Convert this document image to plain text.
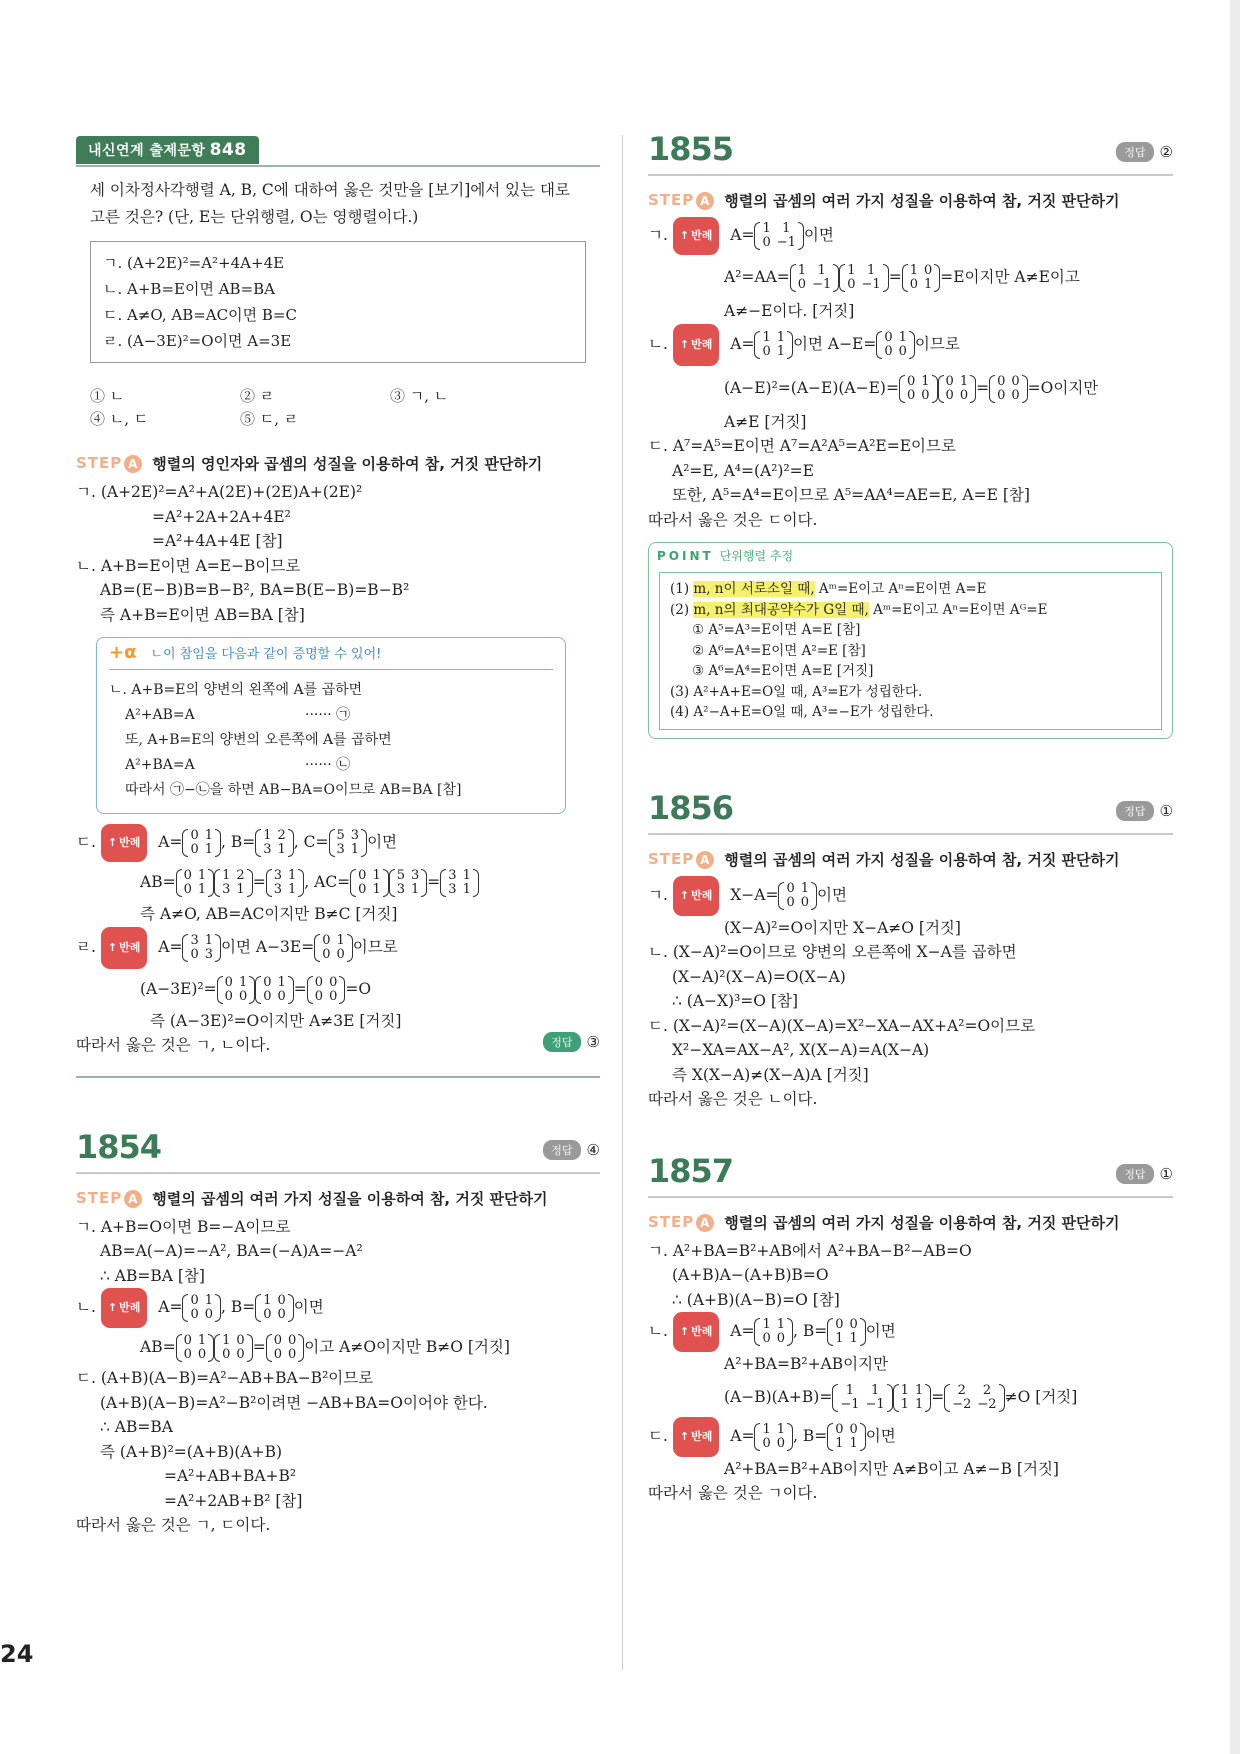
24
내신연계 출제문항 848
세 이차정사각행렬 A, B, C에 대하여 옳은 것만을 [보기]에서 있는 대로
고른 것은? (단, E는 단위행렬, O는 영행렬이다.)
ㄱ. (A+2E)²=A²+4A+4E
ㄴ. A+B=E이면 AB=BA
ㄷ. A≠O, AB=AC이면 B=C
ㄹ. (A−3E)²=O이면 A=3E
① ㄴ	② ㄹ	③ ㄱ, ㄴ
④ ㄴ, ㄷ	⑤ ㄷ, ㄹ
STEP A 행렬의 영인자와 곱셈의 성질을 이용하여 참, 거짓 판단하기
ㄱ. (A+2E)²=A²+A(2E)+(2E)A+(2E)²
=A²+2A+2A+4E²
=A²+4A+4E [참]
ㄴ. A+B=E이면 A=E−B이므로
AB=(E−B)B=B−B², BA=B(E−B)=B−B²
즉 A+B=E이면 AB=BA [참]
+α ㄴ이 참임을 다음과 같이 증명할 수 있어!
ㄴ. A+B=E의 양변의 왼쪽에 A를 곱하면
A²+AB=A	······ ㉠
또, A+B=E의 양변의 오른쪽에 A를 곱하면
A²+BA=A	······ ㉡
따라서 ㉠−㉡을 하면 AB−BA=O이므로 AB=BA [참]
ㄷ. ↑ 반례 A= 0	1
0	1 , B= 1	2
3	1 , C= 5	3
3	1 이면
AB= 0	1
0	1
1	2
3	1 = 3	1
3	1 , AC= 0	1
0	1
5	3
3	1 = 3	1
3	1
즉 A≠O, AB=AC이지만 B≠C [거짓]
ㄹ. ↑ 반례 A= 3	1
0	3 이면 A−3E= 0	1
0	0 이므로
(A−3E)²= 0	1
0	0
0	1
0	0 = 0	0
0	0 =O
즉 (A−3E)²=O이지만 A≠3E [거짓]
따라서 옳은 것은 ㄱ, ㄴ이다.	정답 ③
1854	정답 ④
STEP A 행렬의 곱셈의 여러 가지 성질을 이용하여 참, 거짓 판단하기
ㄱ. A+B=O이면 B=−A이므로
AB=A(−A)=−A², BA=(−A)A=−A²
∴ AB=BA [참]
ㄴ. ↑ 반례 A= 0	1
0	0 , B= 1	0
0	0 이면
AB= 0	1
0	0
1	0
0	0 = 0	0
0	0 이고 A≠O이지만 B≠O [거짓]
ㄷ. (A+B)(A−B)=A²−AB+BA−B²이므로
(A+B)(A−B)=A²−B²이려면 −AB+BA=O이어야 한다.
∴ AB=BA
즉 (A+B)²=(A+B)(A+B)
=A²+AB+BA+B²
=A²+2AB+B² [참]
따라서 옳은 것은 ㄱ, ㄷ이다.
1855	정답 ②
STEP A 행렬의 곱셈의 여러 가지 성질을 이용하여 참, 거짓 판단하기
ㄱ. ↑ 반례 A= 1	1
0	−1 이면
A²=AA= 1	1
0	−1
1	1
0	−1 = 1	0
0	1 =E이지만 A≠E이고
A≠−E이다. [거짓]
ㄴ. ↑ 반례 A= 1	1
0	1 이면 A−E= 0	1
0	0 이므로
(A−E)²=(A−E)(A−E)= 0	1
0	0
0	1
0	0 = 0	0
0	0 =O이지만
A≠E [거짓]
ㄷ. A⁷=A⁵=E이면 A⁷=A²A⁵=A²E=E이므로
A²=E, A⁴=(A²)²=E
또한, A⁵=A⁴=E이므로 A⁵=AA⁴=AE=E, A=E [참]
따라서 옳은 것은 ㄷ이다.
POINT 단위행렬 추정
(1) m, n이 서로소일 때, Aᵐ=E이고 Aⁿ=E이면 A=E
(2) m, n의 최대공약수가 G일 때, Aᵐ=E이고 Aⁿ=E이면 Aᴳ=E
① A⁵=A³=E이면 A=E [참]
② A⁶=A⁴=E이면 A²=E [참]
③ A⁶=A⁴=E이면 A=E [거짓]
(3) A²+A+E=O일 때, A³=E가 성립한다.
(4) A²−A+E=O일 때, A³=−E가 성립한다.
1856	정답 ①
STEP A 행렬의 곱셈의 여러 가지 성질을 이용하여 참, 거짓 판단하기
ㄱ. ↑ 반례 X−A= 0	1
0	0 이면
(X−A)²=O이지만 X−A≠O [거짓]
ㄴ. (X−A)²=O이므로 양변의 오른쪽에 X−A를 곱하면
(X−A)²(X−A)=O(X−A)
∴ (A−X)³=O [참]
ㄷ. (X−A)²=(X−A)(X−A)=X²−XA−AX+A²=O이므로
X²−XA=AX−A², X(X−A)=A(X−A)
즉 X(X−A)≠(X−A)A [거짓]
따라서 옳은 것은 ㄴ이다.
1857	정답 ①
STEP A 행렬의 곱셈의 여러 가지 성질을 이용하여 참, 거짓 판단하기
ㄱ. A²+BA=B²+AB에서 A²+BA−B²−AB=O
(A+B)A−(A+B)B=O
∴ (A+B)(A−B)=O [참]
ㄴ. ↑ 반례 A= 1	1
0	0 , B= 0	0
1	1 이면
A²+BA=B²+AB이지만
(A−B)(A+B)= 1	1
−1	−1
1	1
1	1 = 2	2
−2	−2 ≠O [거짓]
ㄷ. ↑ 반례 A= 1	1
0	0 , B= 0	0
1	1 이면
A²+BA=B²+AB이지만 A≠B이고 A≠−B [거짓]
따라서 옳은 것은 ㄱ이다.
